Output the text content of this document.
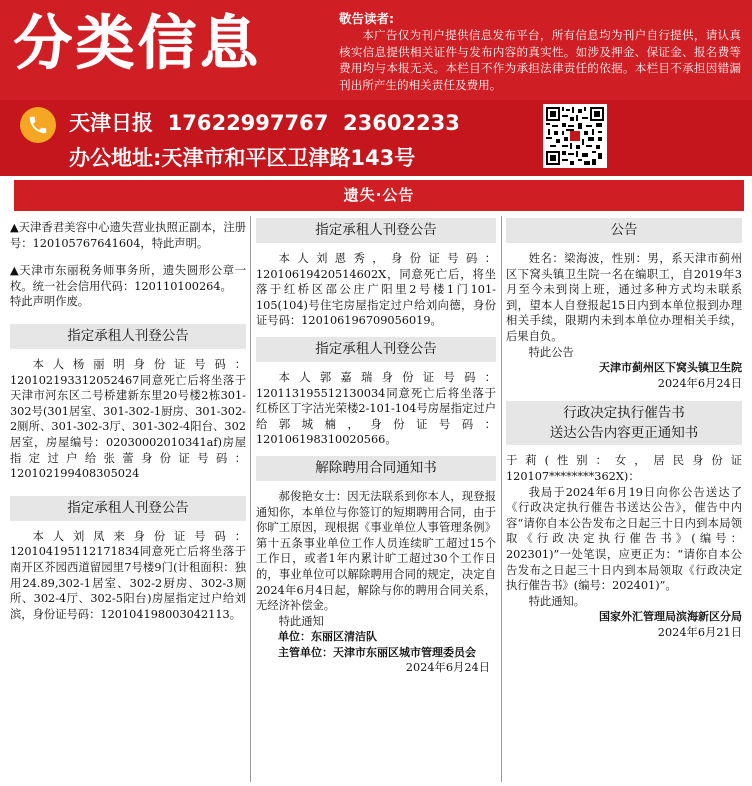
分类信息	敬告读者:
本广告仅为刊户提供信息发布平台，所有信息均为刊户自行提供，请认真核实信息提供相关证件与发布内容的真实性。如涉及押金、保证金、报名费等费用均与本报无关。本栏目不作为承担法律责任的依据。本栏目不承担因错漏刊出所产生的相关责任及费用。
天津日报 17622997767 23602233
办公地址:天津市和平区卫津路143号
遗失·公告
▲天津香君美容中心遗失营业执照正副本，注册号：120105767641604，特此声明。
▲天津市东丽税务师事务所，遗失圆形公章一枚。统一社会信用代码：120110100264。
特此声明作废。
指定承租人刊登公告
本人杨丽明身份证号码：120102193312052467同意死亡后将坐落于天津市河东区二号桥建新东里20号楼2栋301-302号(301居室、301-302-1厨房、301-302-2厕所、301-302-3厅、301-302-4阳台、302居室，房屋编号：02030002010341af)房屋指定过户给张蕾身份证号码：120102199408305024
指定承租人刊登公告
本人刘凤来身份证号码：120104195112171834同意死亡后将坐落于南开区芥园西道留园里7号楼9门(计租面积：独用24.89,302-1居室、302-2厨房、302-3厕所、302-4厅、302-5阳台)房屋指定过户给刘滨，身份证号码：120104198003042113。
指定承租人刊登公告
本人刘恩秀，身份证号码：12010619420514602X，同意死亡后，将坐落于红桥区邵公庄广阳里2号楼1门101-105(104)号住宅房屋指定过户给刘向德，身份证号码：120106196709056019。
指定承租人刊登公告
本人郭嘉瑞身份证号码：120113195512130034同意死亡后将坐落于红桥区丁字沽光荣楼2-101-104号房屋指定过户给郭城楠，身份证号码：120106198310020566。
解除聘用合同通知书
郝俊艳女士：因无法联系到你本人，现登报通知你，本单位与你签订的短期聘用合同，由于你旷工原因，现根据《事业单位人事管理条例》第十五条事业单位工作人员连续旷工超过15个工作日，或者1年内累计旷工超过30个工作日的，事业单位可以解除聘用合同的规定，决定自2024年6月4日起，解除与你的聘用合同关系，无经济补偿金。
特此通知
单位：东丽区清洁队
主管单位：天津市东丽区城市管理委员会
2024年6月24日
公告
姓名：梁海波，性别：男，系天津市蓟州区下窝头镇卫生院一名在编职工，自2019年3月至今未到岗上班，通过多种方式均未联系到，望本人自登报起15日内到本单位报到办理相关手续，限期内未到本单位办理相关手续，后果自负。
特此公告
天津市蓟州区下窝头镇卫生院
2024年6月24日
行政决定执行催告书
送达公告内容更正通知书
于莉(性别：女，居民身份证120107********362X)：
我局于2024年6月19日向你公告送达了《行政决定执行催告书送达公告》，催告中内容“请你自本公告发布之日起三十日内到本局领取《行政决定执行催告书》(编号：202301)”一处笔误，应更正为：“请你自本公告发布之日起三十日内到本局领取《行政决定执行催告书》(编号：202401)”。
特此通知。
国家外汇管理局滨海新区分局
2024年6月21日
